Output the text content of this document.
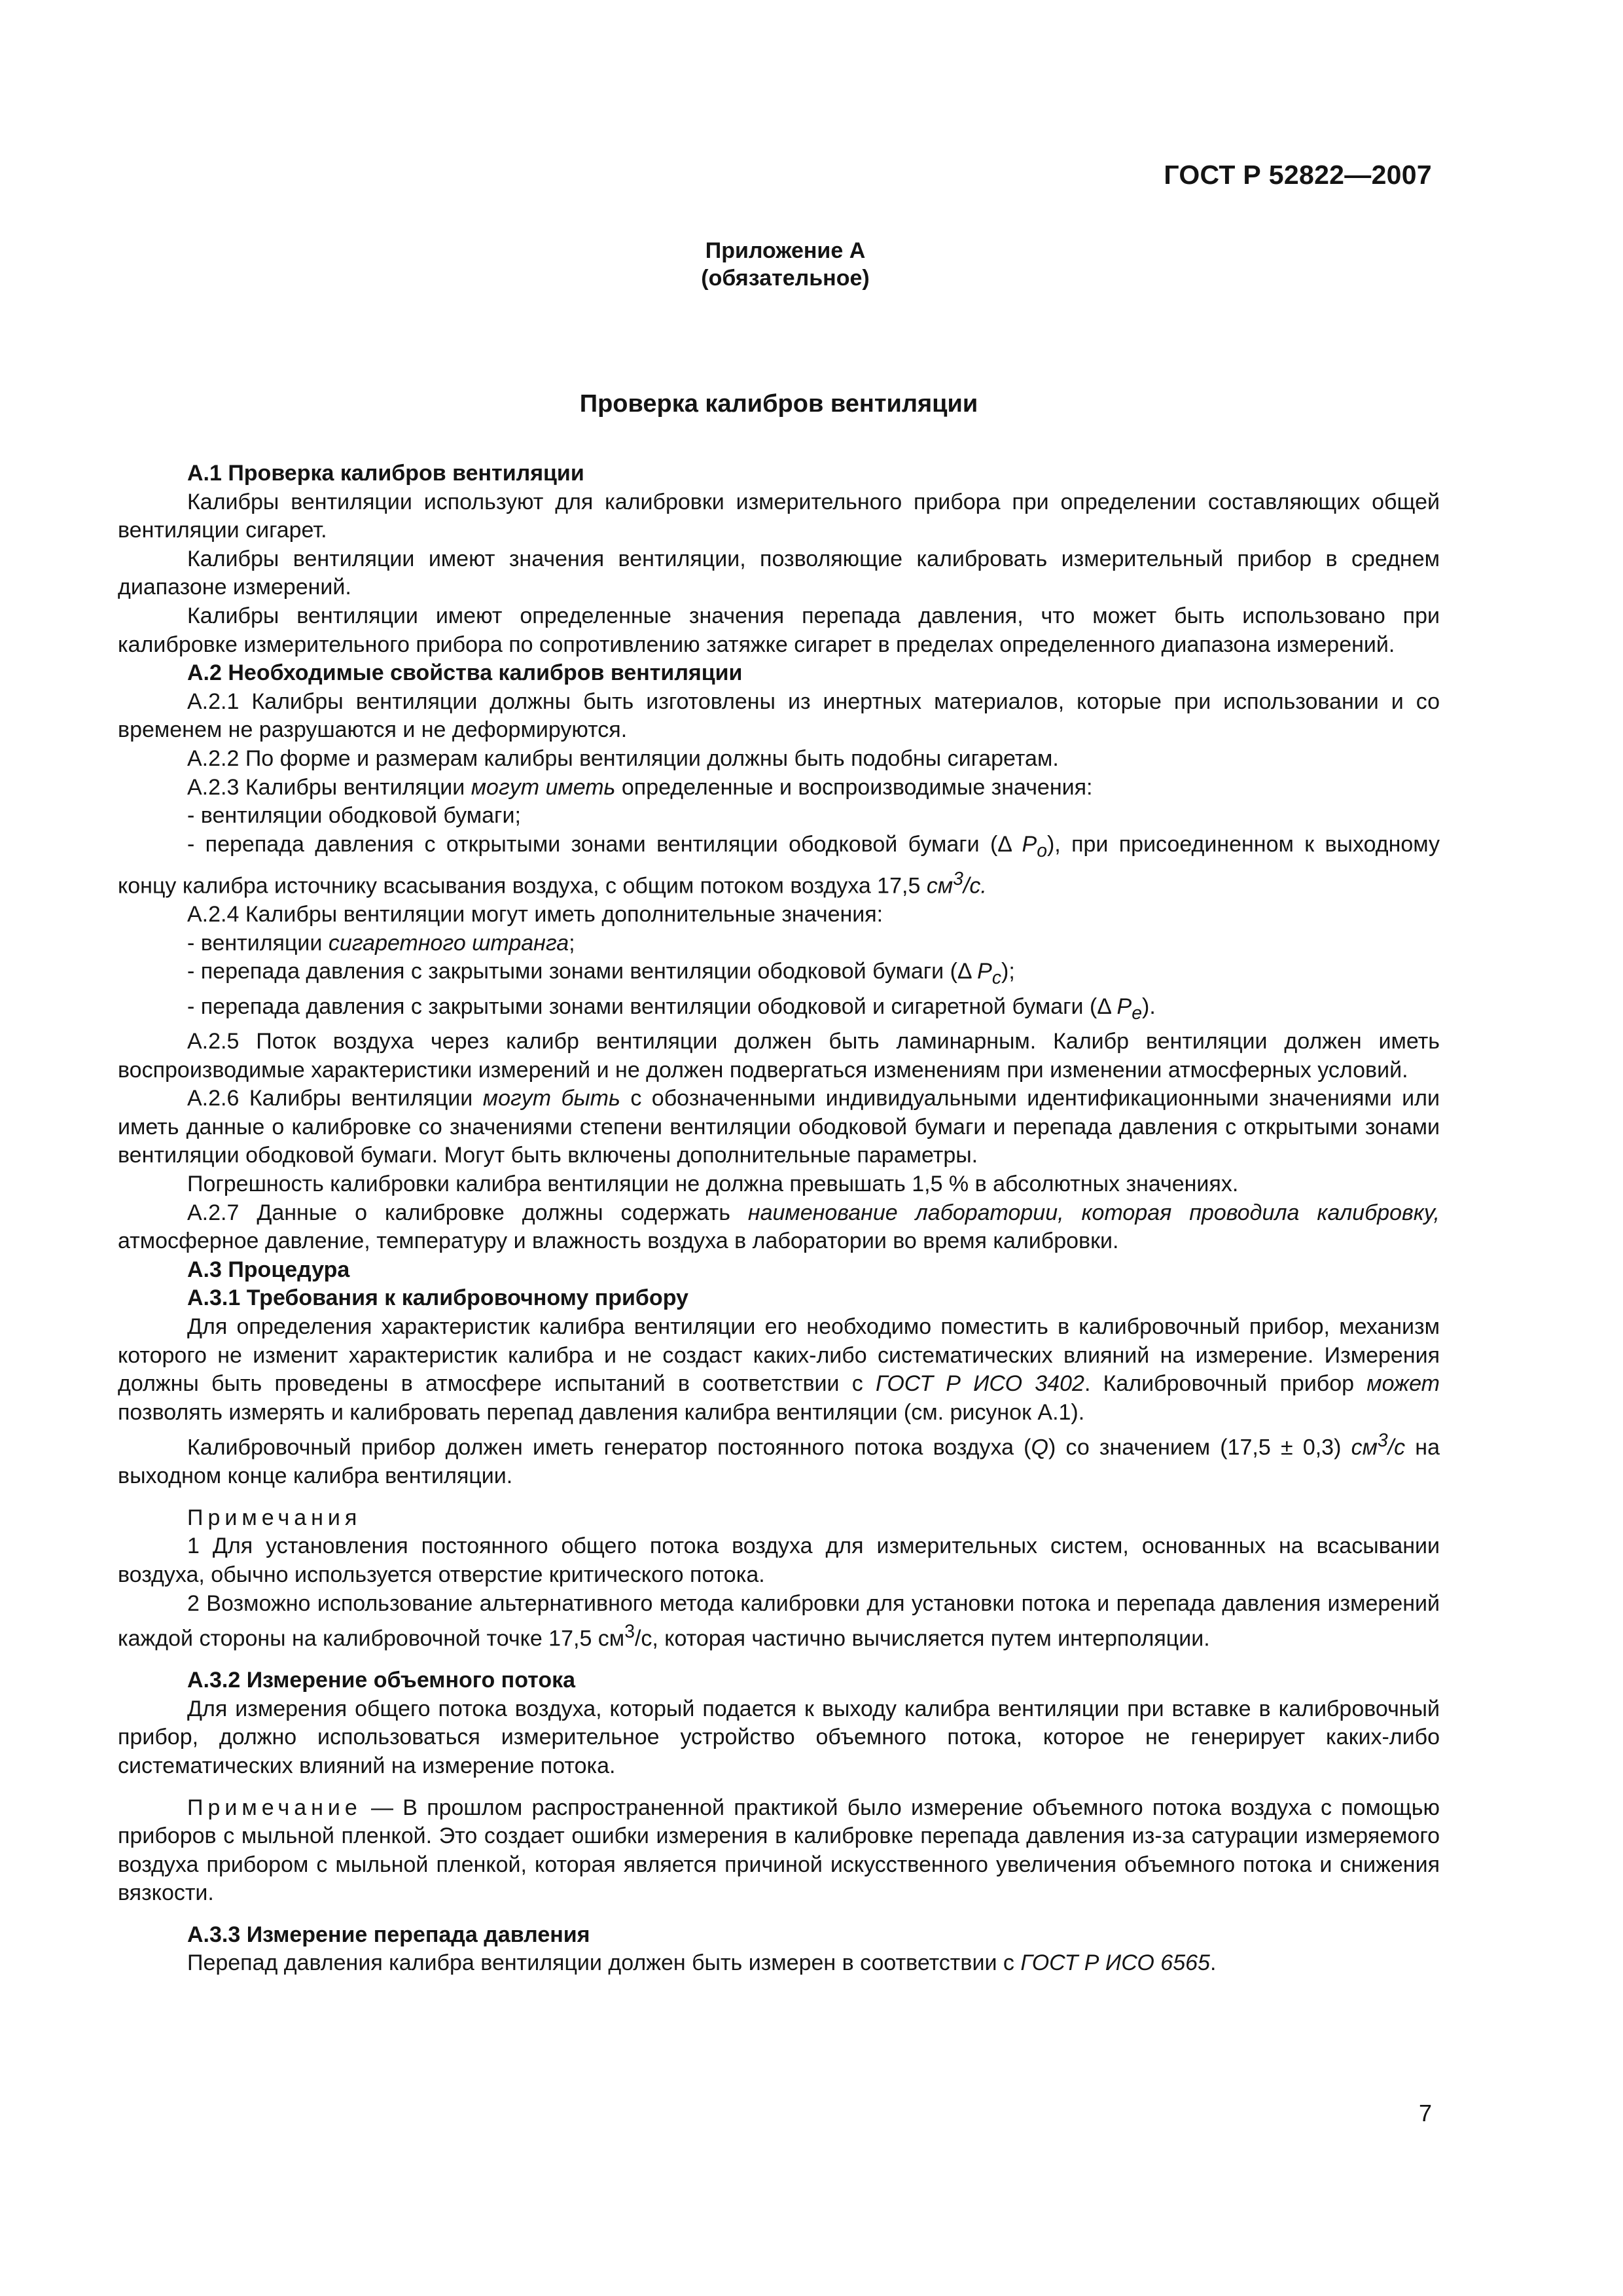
ГОСТ Р 52822—2007
Приложение А
(обязательное)
Проверка калибров вентиляции

А.1 Проверка калибров вентиляции

Калибры вентиляции используют для калибровки измерительного прибора при определении составляющих общей вентиляции сигарет.

Калибры вентиляции имеют значения вентиляции, позволяющие калибровать измерительный прибор в среднем диапазоне измерений.

Калибры вентиляции имеют определенные значения перепада давления, что может быть использовано при калибровке измерительного прибора по сопротивлению затяжке сигарет в пределах определенного диапазона измерений.

А.2 Необходимые свойства калибров вентиляции

А.2.1 Калибры вентиляции должны быть изготовлены из инертных материалов, которые при использовании и со временем не разрушаются и не деформируются.

А.2.2 По форме и размерам калибры вентиляции должны быть подобны сигаретам.

А.2.3 Калибры вентиляции могут иметь определенные и воспроизводимые значения:

- вентиляции ободковой бумаги;

- перепада давления с открытыми зонами вентиляции ободковой бумаги (Δ $P_o$), при присоединенном к выходному концу калибра источнику всасывания воздуха, с общим потоком воздуха 17,5 $см^3/с$.

А.2.4 Калибры вентиляции могут иметь дополнительные значения:

- вентиляции сигаретного штранга;

- перепада давления с закрытыми зонами вентиляции ободковой бумаги (Δ $P_c$);

- перепада давления с закрытыми зонами вентиляции ободковой и сигаретной бумаги (Δ $P_e$).

А.2.5 Поток воздуха через калибр вентиляции должен быть ламинарным. Калибр вентиляции должен иметь воспроизводимые характеристики измерений и не должен подвергаться изменениям при изменении атмосферных условий.

А.2.6 Калибры вентиляции могут быть с обозначенными индивидуальными идентификационными значениями или иметь данные о калибровке со значениями степени вентиляции ободковой бумаги и перепада давления с открытыми зонами вентиляции ободковой бумаги. Могут быть включены дополнительные параметры.

Погрешность калибровки калибра вентиляции не должна превышать 1,5 % в абсолютных значениях.

А.2.7 Данные о калибровке должны содержать наименование лаборатории, которая проводила калибровку, атмосферное давление, температуру и влажность воздуха в лаборатории во время калибровки.

А.3 Процедура

А.3.1 Требования к калибровочному прибору

Для определения характеристик калибра вентиляции его необходимо поместить в калибровочный прибор, механизм которого не изменит характеристик калибра и не создаст каких-либо систематических влияний на измерение. Измерения должны быть проведены в атмосфере испытаний в соответствии с ГОСТ Р ИСО 3402. Калибровочный прибор может позволять измерять и калибровать перепад давления калибра вентиляции (см. рисунок А.1).

Калибровочный прибор должен иметь генератор постоянного потока воздуха (Q) со значением (17,5 ± 0,3) $см^3/с$ на выходном конце калибра вентиляции.

Примечания

1 Для установления постоянного общего потока воздуха для измерительных систем, основанных на всасывании воздуха, обычно используется отверстие критического потока.

2 Возможно использование альтернативного метода калибровки для установки потока и перепада давления измерений каждой стороны на калибровочной точке 17,5 $см^3/с$, которая частично вычисляется путем интерполяции.

А.3.2 Измерение объемного потока

Для измерения общего потока воздуха, который подается к выходу калибра вентиляции при вставке в калибровочный прибор, должно использоваться измерительное устройство объемного потока, которое не генерирует каких-либо систематических влияний на измерение потока.

Примечание — В прошлом распространенной практикой было измерение объемного потока воздуха с помощью приборов с мыльной пленкой. Это создает ошибки измерения в калибровке перепада давления из-за сатурации измеряемого воздуха прибором с мыльной пленкой, которая является причиной искусственного увеличения объемного потока и снижения вязкости.

А.3.3 Измерение перепада давления

Перепад давления калибра вентиляции должен быть измерен в соответствии с ГОСТ Р ИСО 6565.

7
